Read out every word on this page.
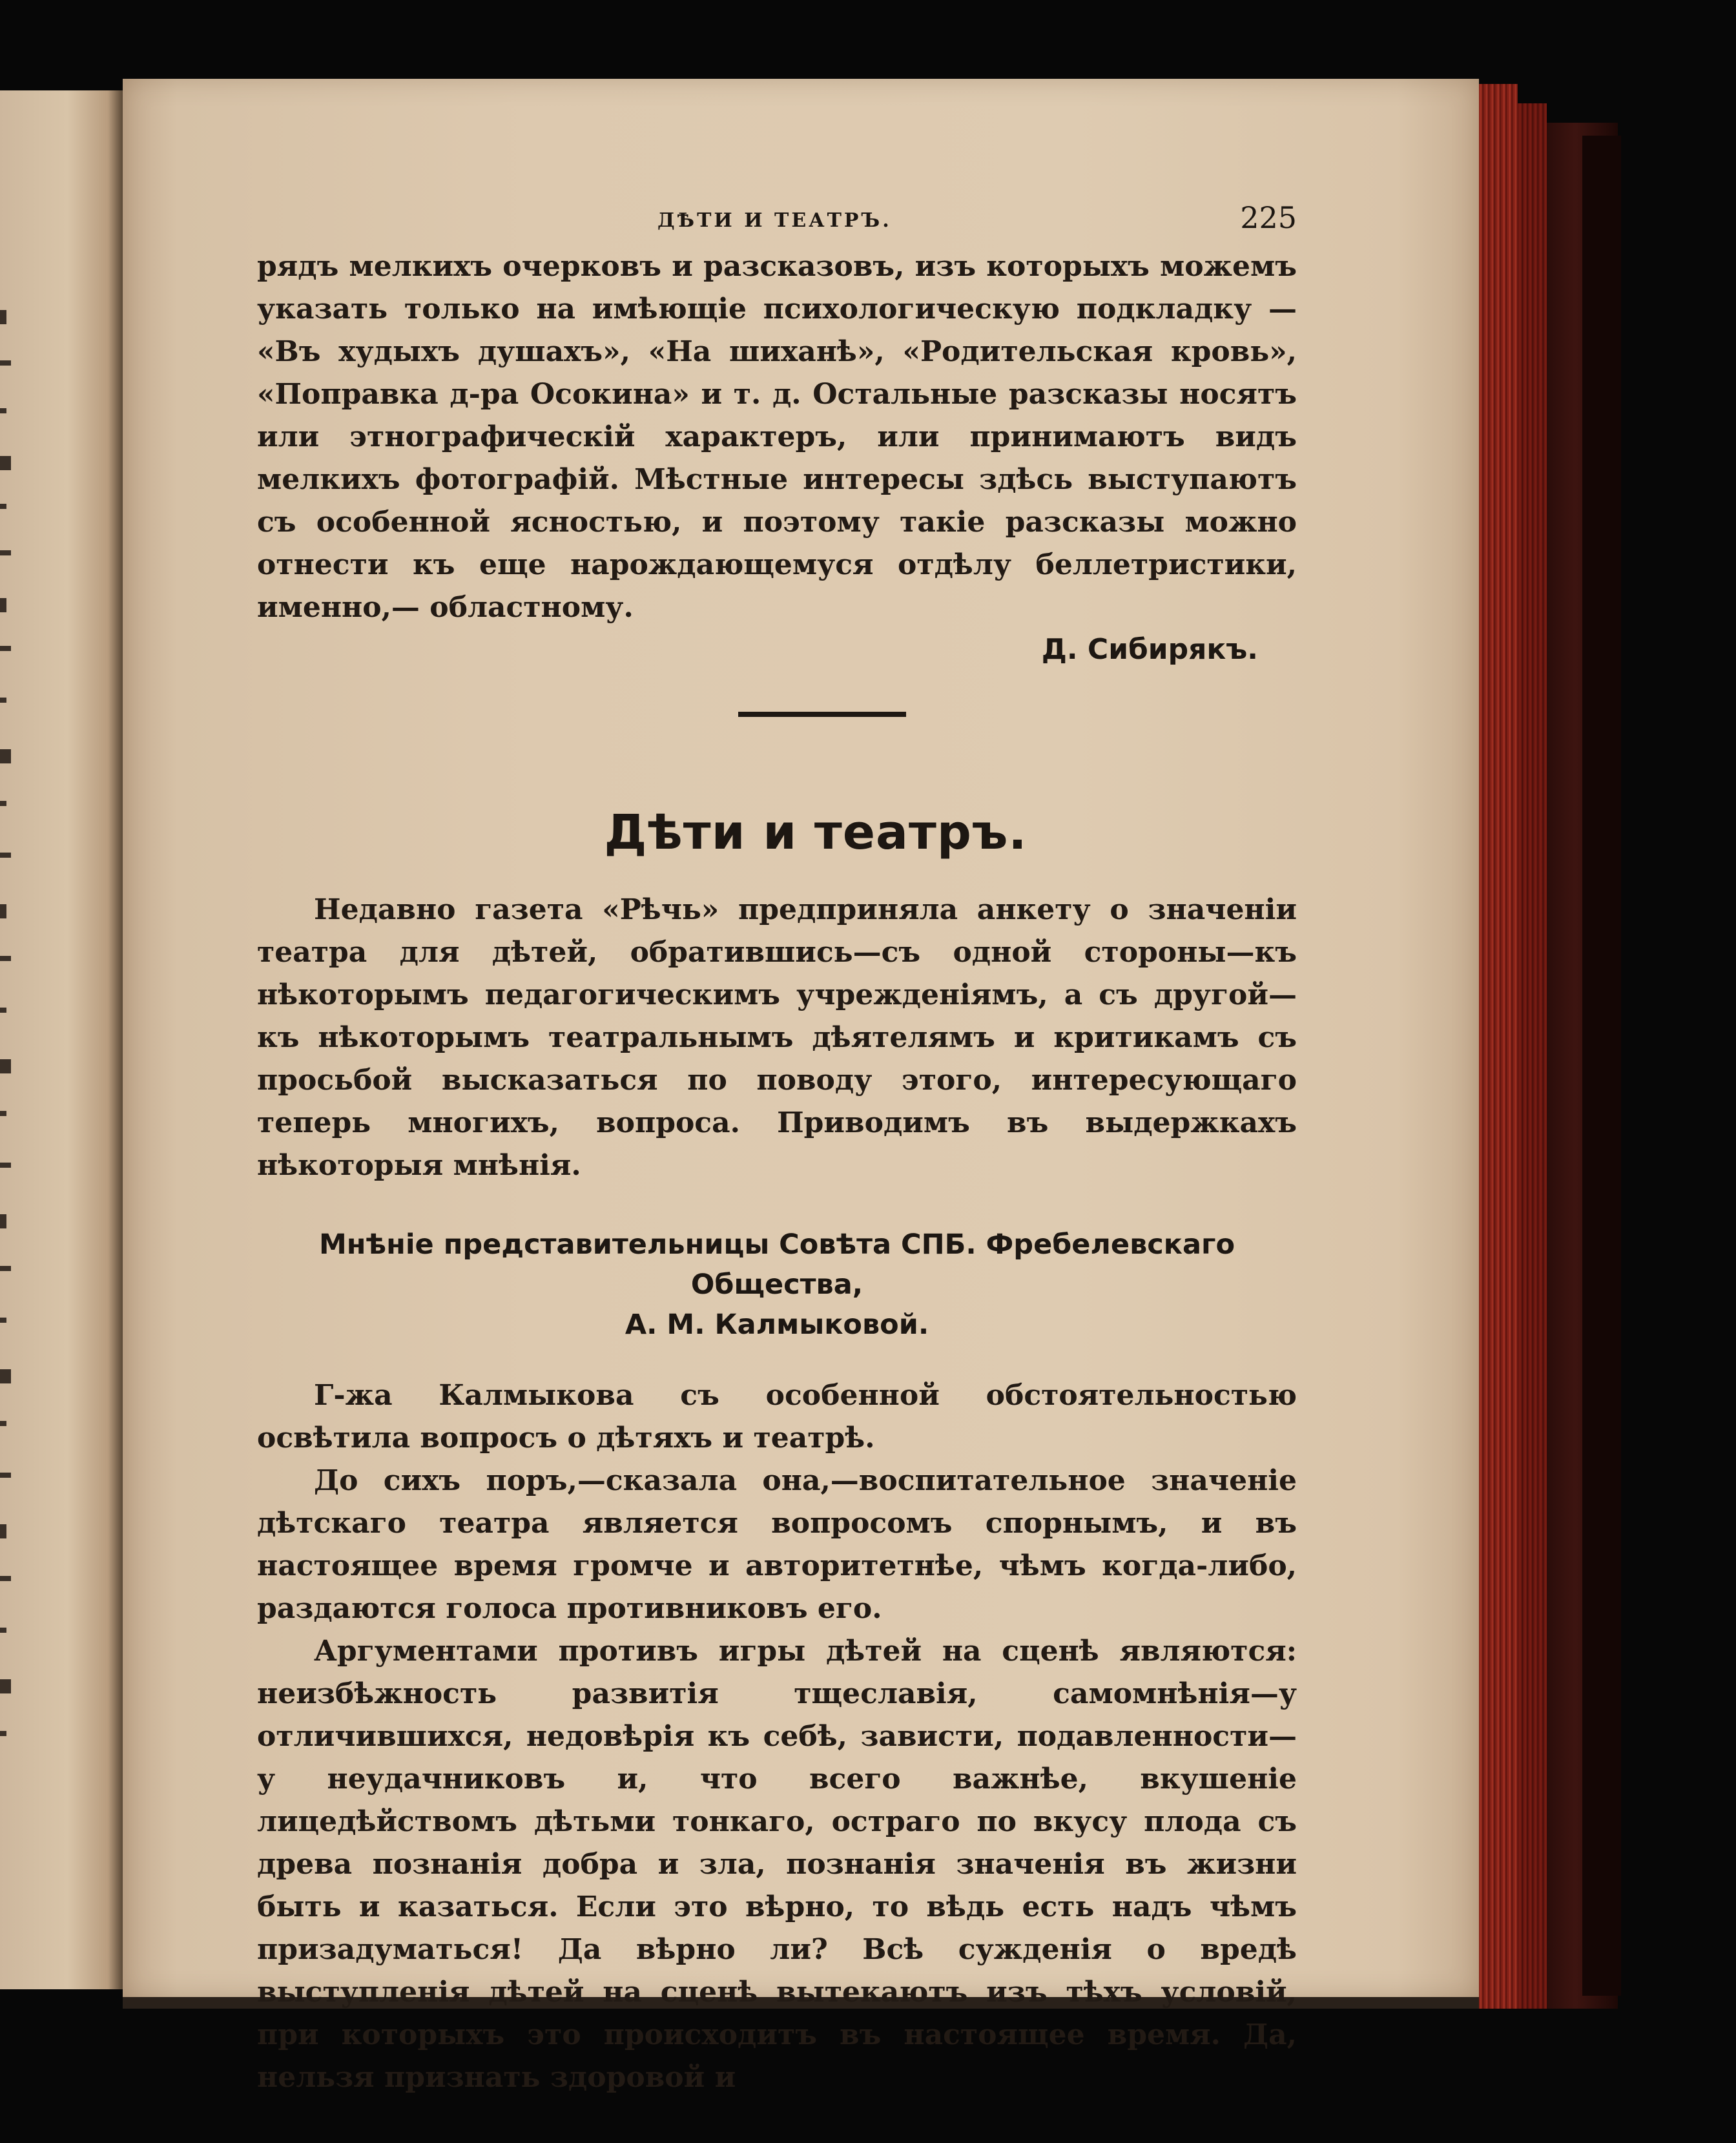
ДѢТИ И ТЕАТРЪ.	225

рядъ мелкихъ очерковъ и разсказовъ, изъ которыхъ можемъ указать только на имѣющіе психологическую подкладку — «Въ худыхъ душахъ», «На шиханѣ», «Родительская кровь», «Поправка д-ра Осокина» и т. д. Остальные разсказы носятъ или этнографическій характеръ, или принимаютъ видъ мелкихъ фотографій. Мѣстные интересы здѣсь выступаютъ съ особенной ясностью, и поэтому такіе разсказы можно отнести къ еще нарождающемуся отдѣлу беллетристики, именно,— областному.

Д. Сибирякъ.
Дѣти и театръ.

Недавно газета «Рѣчь» предприняла анкету о значеніи театра для дѣтей, обратившись—съ одной стороны—къ нѣкоторымъ педагогическимъ учрежденіямъ, а съ другой—къ нѣкоторымъ театральнымъ дѣятелямъ и критикамъ съ просьбой высказаться по поводу этого, интересующаго теперь многихъ, вопроса. Приводимъ въ выдержкахъ нѣкоторыя мнѣнія.

Мнѣніе представительницы Совѣта СПБ. Фребелевскаго Общества,
А. М. Калмыковой.

Г-жа Калмыкова съ особенной обстоятельностью освѣтила вопросъ о дѣтяхъ и театрѣ.

До сихъ поръ,—сказала она,—воспитательное значеніе дѣтскаго театра является вопросомъ спорнымъ, и въ настоящее время громче и авторитетнѣе, чѣмъ когда-либо, раздаются голоса противниковъ его.

Аргументами противъ игры дѣтей на сценѣ являются: неизбѣжность развитія тщеславія, самомнѣнія—у отличившихся, недовѣрія къ себѣ, зависти, подавленности— у неудачниковъ и, что всего важнѣе, вкушеніе лицедѣйствомъ дѣтьми тонкаго, остраго по вкусу плода съ древа познанія добра и зла, познанія значенія въ жизни быть и казаться. Если это вѣрно, то вѣдь есть надъ чѣмъ призадуматься! Да вѣрно ли? Всѣ сужденія о вредѣ выступленія дѣтей на сценѣ вытекаютъ изъ тѣхъ условій, при которыхъ это происходитъ въ настоящее время. Да, нельзя признать здоровой и
